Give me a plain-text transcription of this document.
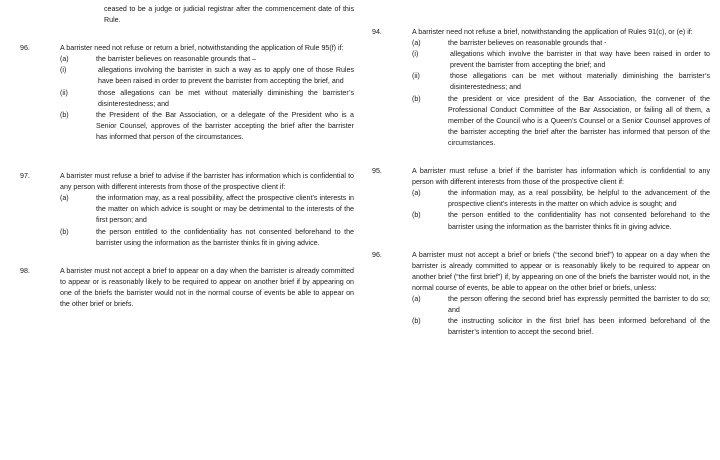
ceased to be a judge or judicial registrar after the commencement date of this Rule.
96.	A barrister need not refuse or return a brief, notwithstanding the application of Rule 95(f) if:
(a)	the barrister believes on reasonable grounds that –
(i)	allegations involving the barrister in such a way as to apply one of those Rules have been raised in order to prevent the barrister from accepting the brief, and
(ii)	those allegations can be met without materially diminishing the barrister’s disinterestedness; and
(b)	the President of the Bar Association, or a delegate of the President who is a Senior Counsel, approves of the barrister accepting the brief after the barrister has informed that person of the circumstances.
97.	A barrister must refuse a brief to advise if the barrister has information which is confidential to any person with different interests from those of the prospective client if:
(a)	the information may, as a real possibility, affect the prospective client’s interests in the matter on which advice is sought or may be detrimental to the interests of the first person; and
(b)	the person entitled to the confidentiality has not consented beforehand to the barrister using the information as the barrister thinks fit in giving advice.
98.	A barrister must not accept a brief to appear on a day when the barrister is already committed to appear or is reasonably likely to be required to appear on another brief if by appearing on one of the briefs the barrister would not in the normal course of events be able to appear on the other brief or briefs.
94.	A barrister need not refuse a brief, notwithstanding the application of Rules 91(c), or (e) if:
(a)	the barrister believes on reasonable grounds that -
(i)	allegations which involve the barrister in that way have been raised in order to prevent the barrister from accepting the brief; and
(ii)	those allegations can be met without materially diminishing the barrister’s disinterestedness; and
(b)	the president or vice president of the Bar Association, the convener of the Professional Conduct Committee of the Bar Association, or failing all of them, a member of the Council who is a Queen’s Counsel or a Senior Counsel approves of the barrister accepting the brief after the barrister has informed that person of the circumstances.
95.	A barrister must refuse a brief if the barrister has information which is confidential to any person with different interests from those of the prospective client if:
(a)	the information may, as a real possibility, be helpful to the advancement of the prospective client’s interests in the matter on which advice is sought; and
(b)	the person entitled to the confidentiality has not consented beforehand to the barrister using the information as the barrister thinks fit in giving advice.
96.	A barrister must not accept a brief or briefs (“the second brief”) to appear on a day when the barrister is already committed to appear or is reasonably likely to be required to appear on another brief (“the first brief”) if, by appearing on one of the briefs the barrister would not, in the normal course of events, be able to appear on the other brief or briefs, unless:
(a)	the person offering the second brief has expressly permitted the barrister to do so; and
(b)	the instructing solicitor in the first brief has been informed beforehand of the barrister’s intention to accept the second brief.
